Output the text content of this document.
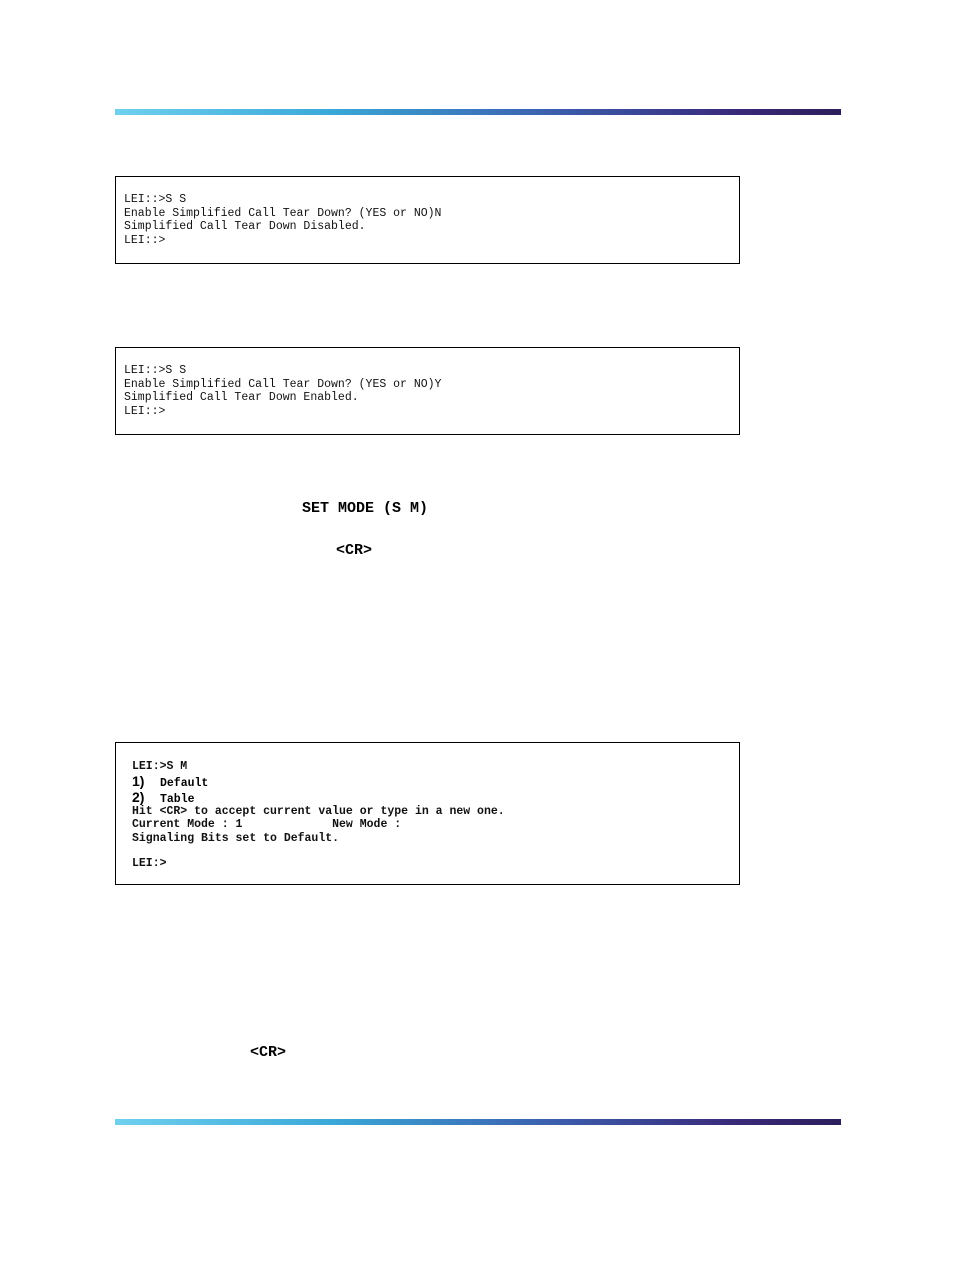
LEI::>S S
Enable Simplified Call Tear Down? (YES or NO)N
Simplified Call Tear Down Disabled.
LEI::>
LEI::>S S
Enable Simplified Call Tear Down? (YES or NO)Y
Simplified Call Tear Down Enabled.
LEI::>
SET MODE (S M)
<CR>
LEI:>S M
1)	Default
2)	Table
Hit <CR> to accept current value or type in a new one.
Current Mode : 1             New Mode :
Signaling Bits set to Default.
LEI:>
<CR>
